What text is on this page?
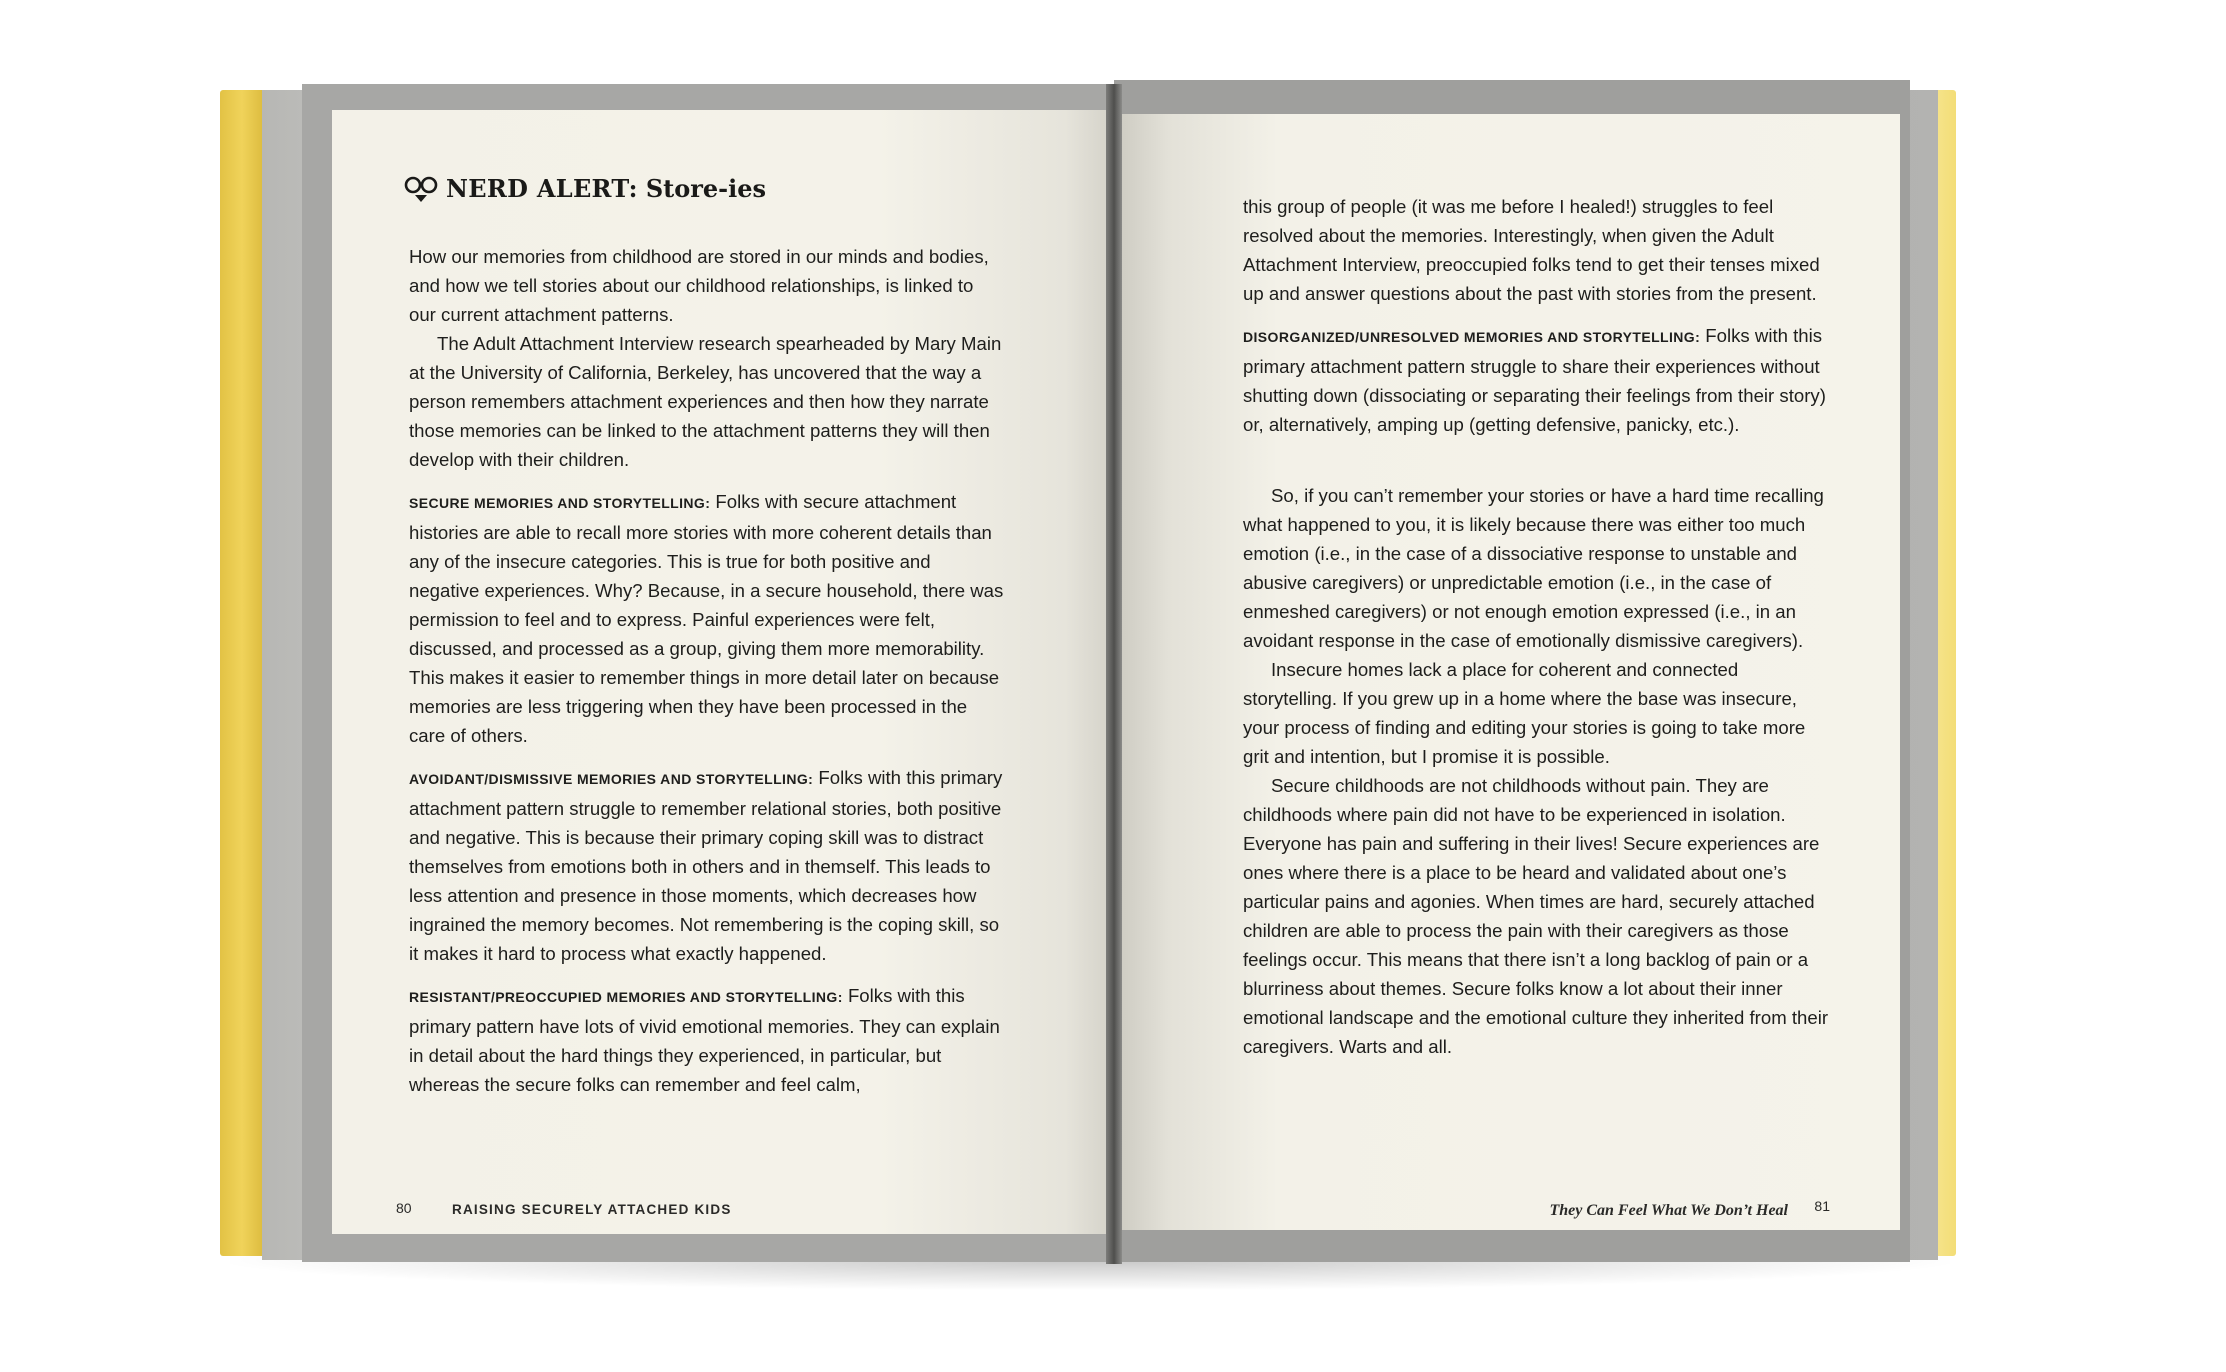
NERD ALERT: Store-ies

How our memories from childhood are stored in our minds and bodies, and how we tell stories about our childhood relationships, is linked to our current attachment patterns.

The Adult Attachment Interview research spearheaded by Mary Main at the University of California, Berkeley, has uncovered that the way a person remembers attachment experiences and then how they narrate those memories can be linked to the attachment patterns they will then develop with their children.

SECURE MEMORIES AND STORYTELLING: Folks with secure attachment histories are able to recall more stories with more coherent details than any of the insecure categories. This is true for both positive and negative experiences. Why? Because, in a secure household, there was permission to feel and to express. Painful experiences were felt, discussed, and processed as a group, giving them more memorability. This makes it easier to remember things in more detail later on because memories are less triggering when they have been processed in the care of others.

AVOIDANT/DISMISSIVE MEMORIES AND STORYTELLING: Folks with this primary attachment pattern struggle to remember relational stories, both positive and negative. This is because their primary coping skill was to distract themselves from emotions both in others and in themself. This leads to less attention and presence in those moments, which decreases how ingrained the memory becomes. Not remembering is the coping skill, so it makes it hard to process what exactly happened.

RESISTANT/PREOCCUPIED MEMORIES AND STORYTELLING: Folks with this primary pattern have lots of vivid emotional memories. They can explain in detail about the hard things they experienced, in particular, but whereas the secure folks can remember and feel calm,

80	RAISING SECURELY ATTACHED KIDS

this group of people (it was me before I healed!) struggles to feel resolved about the memories. Interestingly, when given the Adult Attachment Interview, preoccupied folks tend to get their tenses mixed up and answer questions about the past with stories from the present.

DISORGANIZED/UNRESOLVED MEMORIES AND STORYTELLING: Folks with this primary attachment pattern struggle to share their experiences without shutting down (dissociating or separating their feelings from their story) or, alternatively, amping up (getting defensive, panicky, etc.).

So, if you can’t remember your stories or have a hard time recalling what happened to you, it is likely because there was either too much emotion (i.e., in the case of a dissociative response to unstable and abusive caregivers) or unpredictable emotion (i.e., in the case of enmeshed caregivers) or not enough emotion expressed (i.e., in an avoidant response in the case of emotionally dismissive caregivers).

Insecure homes lack a place for coherent and connected storytelling. If you grew up in a home where the base was insecure, your process of finding and editing your stories is going to take more grit and intention, but I promise it is possible.

Secure childhoods are not childhoods without pain. They are childhoods where pain did not have to be experienced in isolation. Everyone has pain and suffering in their lives! Secure experiences are ones where there is a place to be heard and validated about one’s particular pains and agonies. When times are hard, securely attached children are able to process the pain with their caregivers as those feelings occur. This means that there isn’t a long backlog of pain or a blurriness about themes. Secure folks know a lot about their inner emotional landscape and the emotional culture they inherited from their caregivers. Warts and all.

They Can Feel What We Don’t Heal 81
